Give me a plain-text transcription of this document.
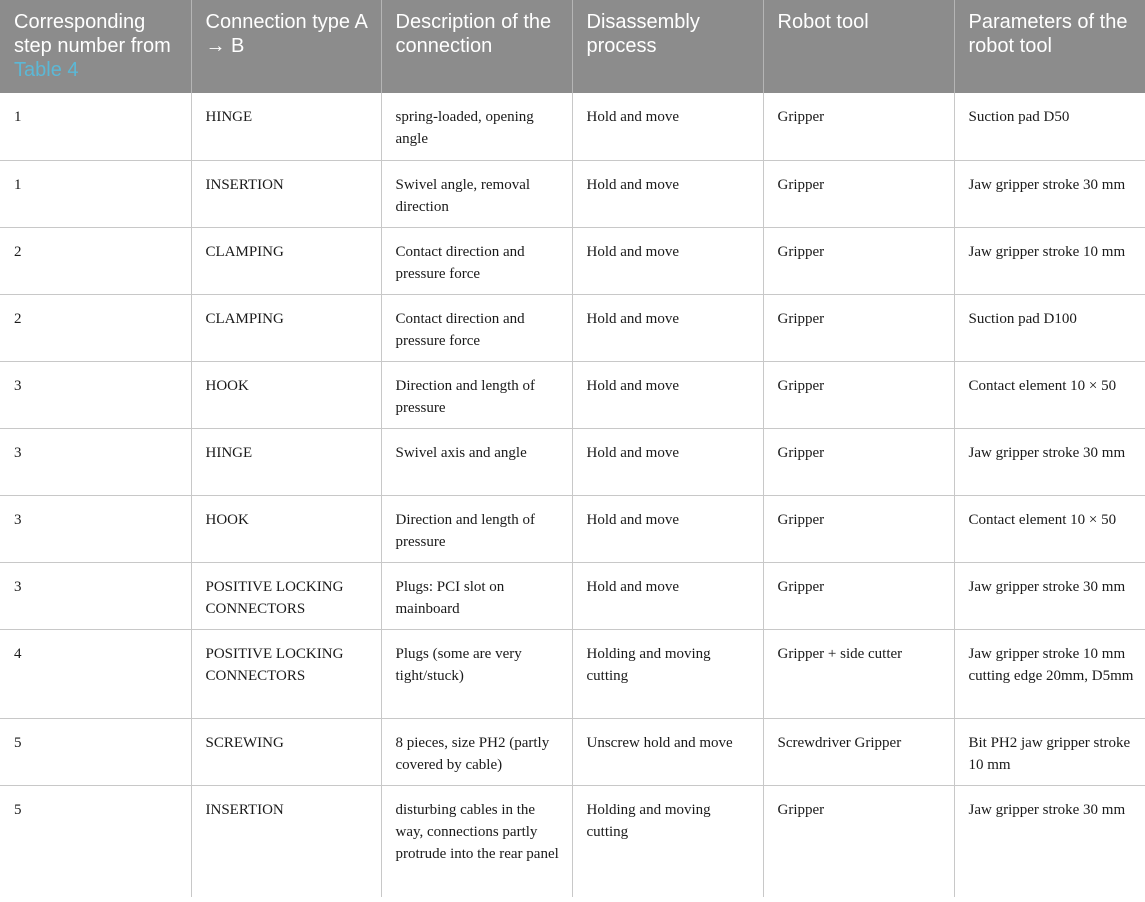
Corresponding step number from Table 4	Connection type A → B	Description of the connection	Disassembly process	Robot tool	Parameters of the robot tool
1	HINGE	spring-loaded, opening angle	Hold and move	Gripper	Suction pad D50
1	INSERTION	Swivel angle, removal direction	Hold and move	Gripper	Jaw gripper stroke 30 mm
2	CLAMPING	Contact direction and pressure force	Hold and move	Gripper	Jaw gripper stroke 10 mm
2	CLAMPING	Contact direction and pressure force	Hold and move	Gripper	Suction pad D100
3	HOOK	Direction and length of pressure	Hold and move	Gripper	Contact element 10 × 50
3	HINGE	Swivel axis and angle	Hold and move	Gripper	Jaw gripper stroke 30 mm
3	HOOK	Direction and length of pressure	Hold and move	Gripper	Contact element 10 × 50
3	POSITIVE LOCKING CONNECTORS	Plugs: PCI slot on mainboard	Hold and move	Gripper	Jaw gripper stroke 30 mm
4	POSITIVE LOCKING CONNECTORS	Plugs (some are very tight/stuck)	Holding and moving cutting	Gripper + side cutter	Jaw gripper stroke 10 mm cutting edge 20mm, D5mm
5	SCREWING	8 pieces, size PH2 (partly covered by cable)	Unscrew hold and move	Screwdriver Gripper	Bit PH2 jaw gripper stroke 10 mm
5	INSERTION	disturbing cables in the way, connections partly protrude into the rear panel	Holding and moving cutting	Gripper	Jaw gripper stroke 30 mm
